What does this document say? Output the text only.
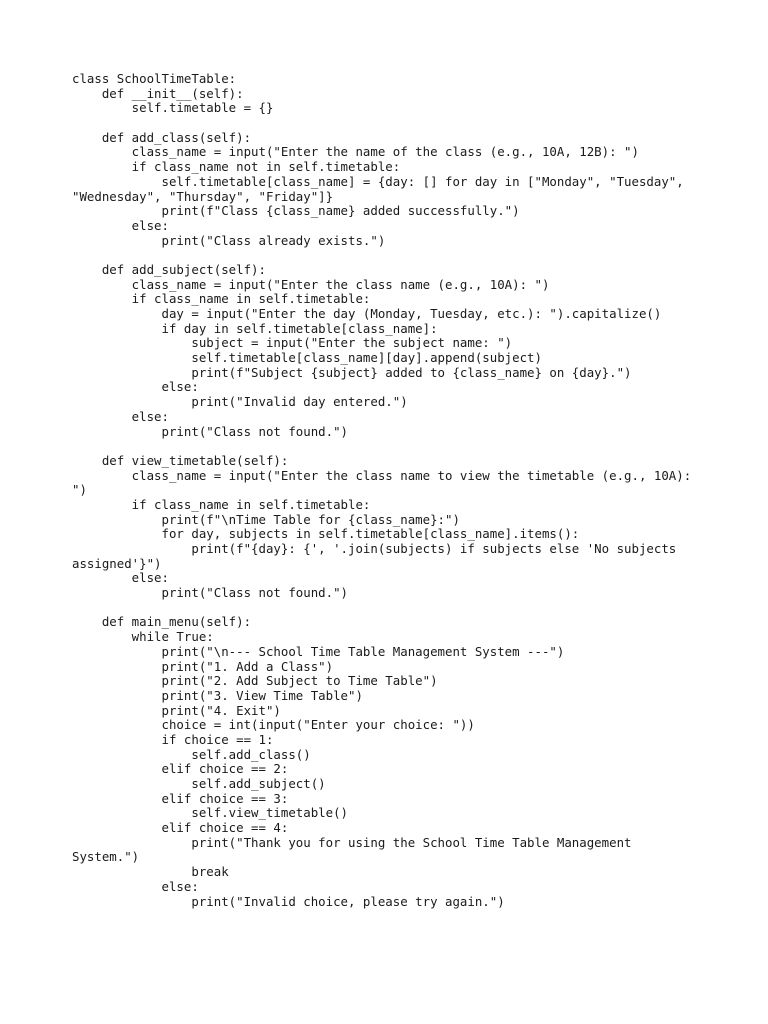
class SchoolTimeTable:
def __init__(self):
self.timetable = {}
def add_class(self):
class_name = input("Enter the name of the class (e.g., 10A, 12B): ")
if class_name not in self.timetable:
self.timetable[class_name] = {day: [] for day in ["Monday", "Tuesday",
"Wednesday", "Thursday", "Friday"]}
print(f"Class {class_name} added successfully.")
else:
print("Class already exists.")
def add_subject(self):
class_name = input("Enter the class name (e.g., 10A): ")
if class_name in self.timetable:
day = input("Enter the day (Monday, Tuesday, etc.): ").capitalize()
if day in self.timetable[class_name]:
subject = input("Enter the subject name: ")
self.timetable[class_name][day].append(subject)
print(f"Subject {subject} added to {class_name} on {day}.")
else:
print("Invalid day entered.")
else:
print("Class not found.")
def view_timetable(self):
class_name = input("Enter the class name to view the timetable (e.g., 10A):
")
if class_name in self.timetable:
print(f"\nTime Table for {class_name}:")
for day, subjects in self.timetable[class_name].items():
print(f"{day}: {', '.join(subjects) if subjects else 'No subjects
assigned'}")
else:
print("Class not found.")
def main_menu(self):
while True:
print("\n--- School Time Table Management System ---")
print("1. Add a Class")
print("2. Add Subject to Time Table")
print("3. View Time Table")
print("4. Exit")
choice = int(input("Enter your choice: "))
if choice == 1:
self.add_class()
elif choice == 2:
self.add_subject()
elif choice == 3:
self.view_timetable()
elif choice == 4:
print("Thank you for using the School Time Table Management
System.")
break
else:
print("Invalid choice, please try again.")
